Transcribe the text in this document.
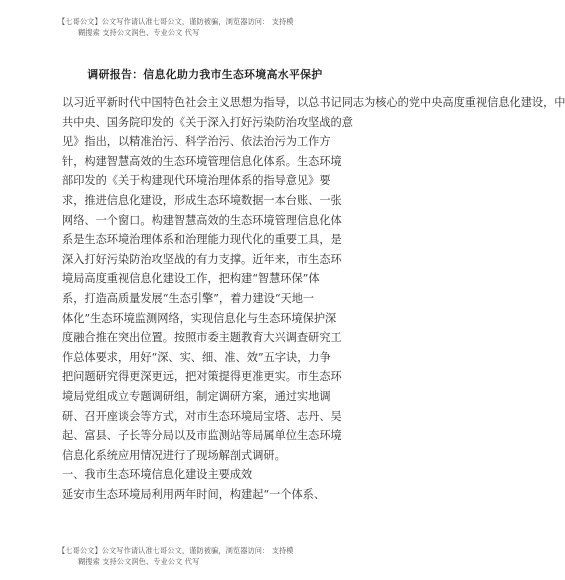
【七哥公文】公文写作请认准七哥公文，谨防被骗，浏览器访问： 支持模
糊搜索 支持公文润色、专业公文 代写
调研报告：信息化助力我市生态环境高水平保护
以习近平新时代中国特色社会主义思想为指导，以总书记同志为核心的党中央高度重视信息化建设，中
共中央、国务院印发的《关于深入打好污染防治攻坚战的意
见》指出，以精准治污、科学治污、依法治污为工作方
针，构建智慧高效的生态环境管理信息化体系。生态环境
部印发的《关于构建现代环境治理体系的指导意见》要
求，推进信息化建设，形成生态环境数据一本台账、一张
网络、一个窗口。构建智慧高效的生态环境管理信息化体
系是生态环境治理体系和治理能力现代化的重要工具，是
深入打好污染防治攻坚战的有力支撑。近年来，市生态环
境局高度重视信息化建设工作，把构建“智慧环保”体
系，打造高质量发展“生态引擎”，着力建设“天地一
体化”生态环境监测网络，实现信息化与生态环境保护深
度融合推在突出位置。按照市委主题教育大兴调查研究工
作总体要求，用好“深、实、细、准、效”五字诀，力争
把问题研究得更深更远，把对策提得更准更实。市生态环
境局党组成立专题调研组，制定调研方案，通过实地调
研、召开座谈会等方式，对市生态环境局宝塔、志丹、吴
起、富县、子长等分局以及市监测站等局属单位生态环境
信息化系统应用情况进行了现场解剖式调研。
一、我市生态环境信息化建设主要成效
延安市生态环境局利用两年时间，构建起“一个体系、
【七哥公文】公文写作请认准七哥公文，谨防被骗，浏览器访问： 支持模
糊搜索 支持公文润色、专业公文 代写
